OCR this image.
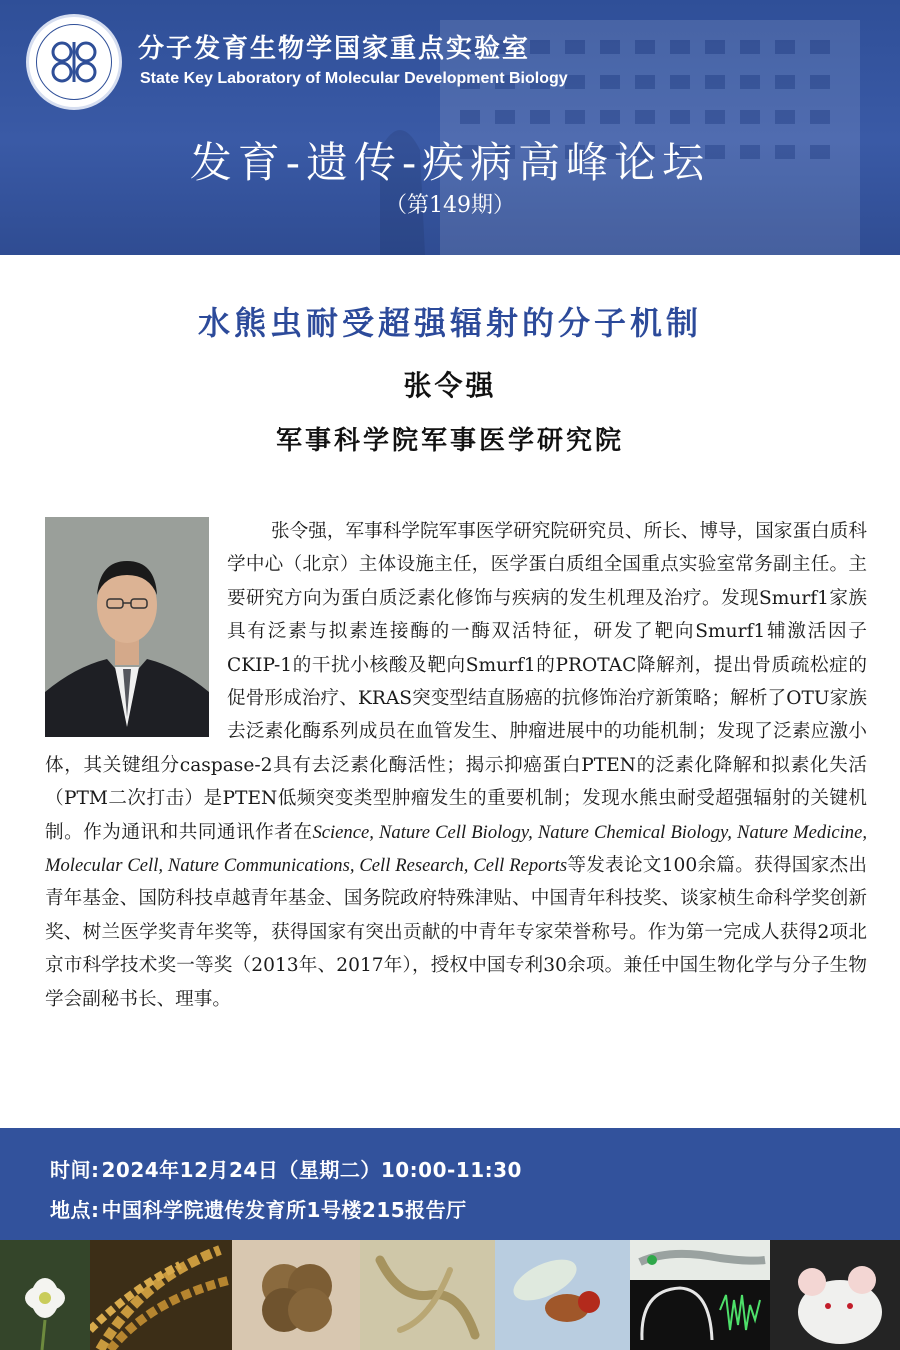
分子发育生物学国家重点实验室
State Key Laboratory of Molecular Development Biology
发育-遗传-疾病高峰论坛
（第149期）
水熊虫耐受超强辐射的分子机制
张令强
军事科学院军事医学研究院
张令强，军事科学院军事医学研究院研究员、所长、博导，国家蛋白质科学中心（北京）主体设施主任，医学蛋白质组全国重点实验室常务副主任。主要研究方向为蛋白质泛素化修饰与疾病的发生机理及治疗。发现Smurf1家族具有泛素与拟素连接酶的一酶双活特征，研发了靶向Smurf1辅激活因子CKIP-1的干扰小核酸及靶向Smurf1的PROTAC降解剂，提出骨质疏松症的促骨形成治疗、KRAS突变型结直肠癌的抗修饰治疗新策略；解析了OTU家族去泛素化酶系列成员在血管发生、肿瘤进展中的功能机制；发现了泛素应激小体，其关键组分caspase-2具有去泛素化酶活性；揭示抑癌蛋白PTEN的泛素化降解和拟素化失活（PTM二次打击）是PTEN低频突变类型肿瘤发生的重要机制；发现水熊虫耐受超强辐射的关键机制。作为通讯和共同通讯作者在Science, Nature Cell Biology, Nature Chemical Biology, Nature Medicine, Molecular Cell, Nature Communications, Cell Research, Cell Reports等发表论文100余篇。获得国家杰出青年基金、国防科技卓越青年基金、国务院政府特殊津贴、中国青年科技奖、谈家桢生命科学奖创新奖、树兰医学奖青年奖等，获得国家有突出贡献的中青年专家荣誉称号。作为第一完成人获得2项北京市科学技术奖一等奖（2013年、2017年），授权中国专利30余项。兼任中国生物化学与分子生物学会副秘书长、理事。
时间: 2024年12月24日（星期二）10:00-11:30
地点: 中国科学院遗传发育所1号楼215报告厅
